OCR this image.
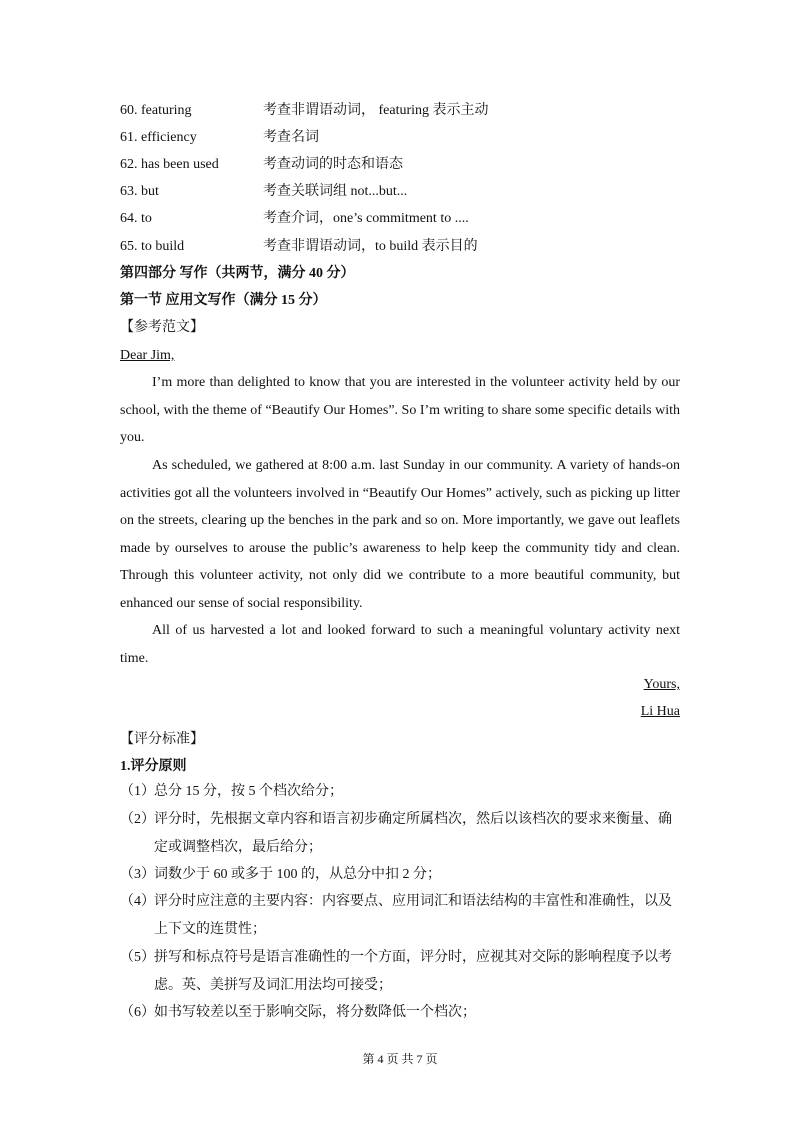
60. featuring	考查非谓语动词， featuring 表示主动
61. efficiency	考查名词
62. has been used	考查动词的时态和语态
63. but	考查关联词组 not...but...
64. to	考查介词，one’s commitment to ....
65. to build	考查非谓语动词，to build 表示目的
第四部分 写作（共两节，满分 40 分）
第一节 应用文写作（满分 15 分）
【参考范文】
Dear Jim,
I’m more than delighted to know that you are interested in the volunteer activity held by our school, with the theme of “Beautify Our Homes”. So I’m writing to share some specific details with you.
As scheduled, we gathered at 8:00 a.m. last Sunday in our community. A variety of hands-on activities got all the volunteers involved in “Beautify Our Homes” actively, such as picking up litter on the streets, clearing up the benches in the park and so on. More importantly, we gave out leaflets made by ourselves to arouse the public’s awareness to help keep the community tidy and clean. Through this volunteer activity, not only did we contribute to a more beautiful community, but enhanced our sense of social responsibility.
All of us harvested a lot and looked forward to such a meaningful voluntary activity next time.
Yours,
Li Hua
【评分标准】
1.评分原则
（1）总分 15 分，按 5 个档次给分；
（2）评分时，先根据文章内容和语言初步确定所属档次，然后以该档次的要求来衡量、确定或调整档次，最后给分；
（3）词数少于 60 或多于 100 的，从总分中扣 2 分；
（4）评分时应注意的主要内容：内容要点、应用词汇和语法结构的丰富性和准确性，以及上下文的连贯性；
（5）拼写和标点符号是语言准确性的一个方面，评分时，应视其对交际的影响程度予以考虑。英、美拼写及词汇用法均可接受；
（6）如书写较差以至于影响交际，将分数降低一个档次；
第 4 页 共 7 页
